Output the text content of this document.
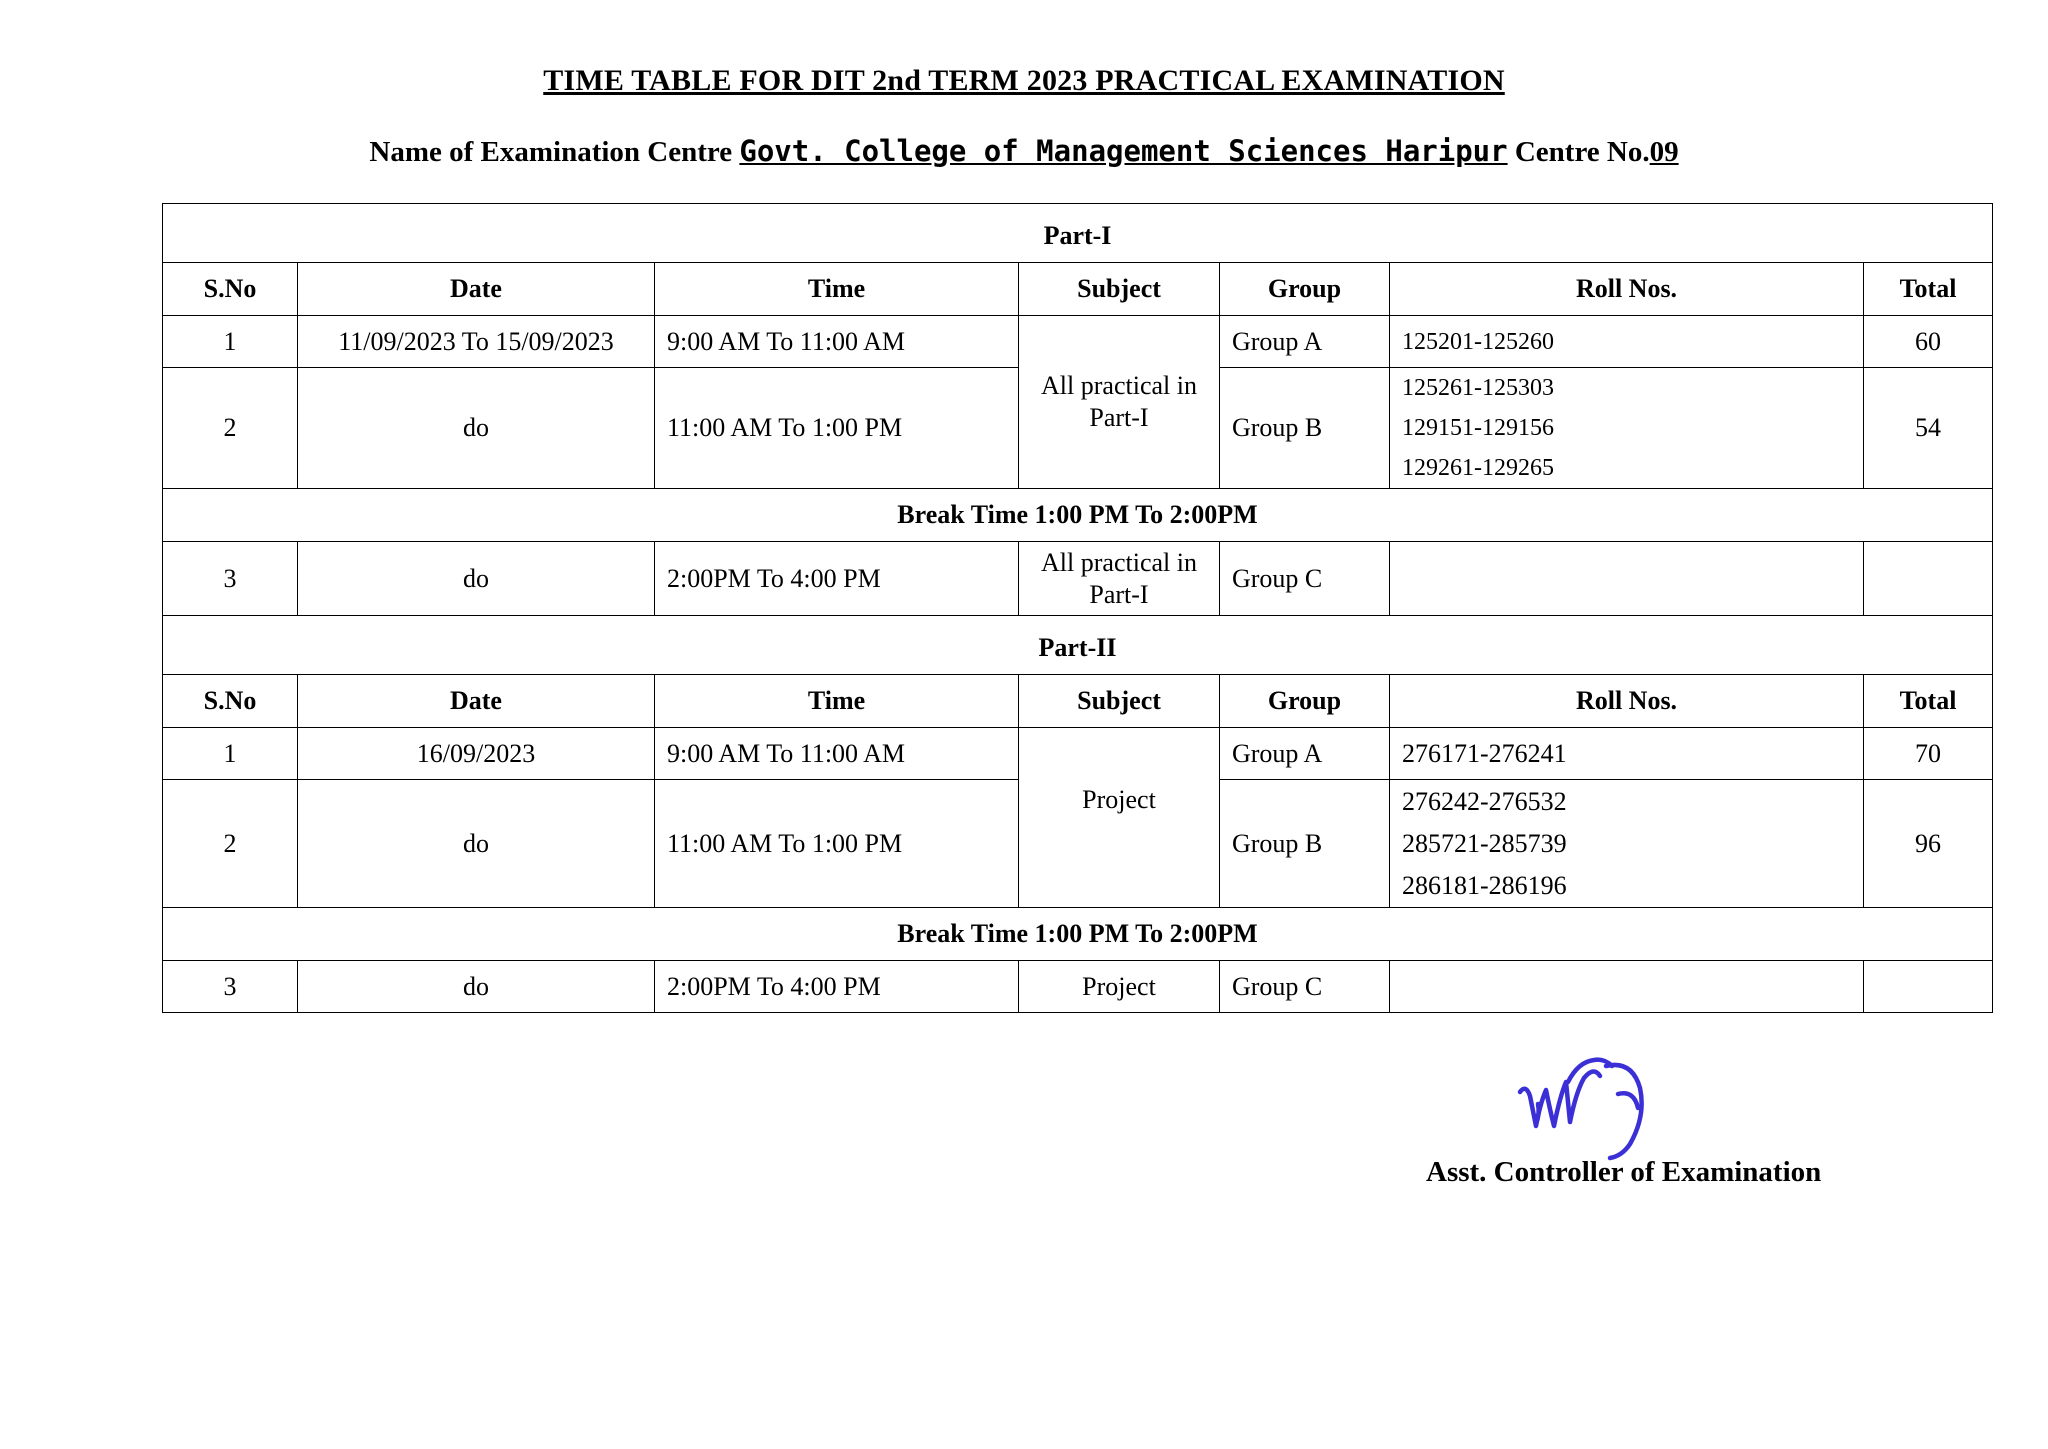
TIME TABLE FOR DIT 2nd TERM 2023 PRACTICAL EXAMINATION
Name of Examination Centre Govt. College of Management Sciences Haripur Centre No.09
Part-I						
S.No	Date	Time	Subject	Group	Roll Nos.	Total
1	11/09/2023 To 15/09/2023	9:00 AM To 11:00 AM	All practical in Part-I	Group A	125201-125260	60
2	do	11:00 AM To 1:00 PM		Group B	125261-125303
129151-129156
129261-129265	54
Break Time 1:00 PM To 2:00PM						
3	do	2:00PM To 4:00 PM	All practical in Part-I	Group C		
Part-II						
S.No	Date	Time	Subject	Group	Roll Nos.	Total
1	16/09/2023	9:00 AM To 11:00 AM	Project	Group A	276171-276241	70
2	do	11:00 AM To 1:00 PM		Group B	276242-276532
285721-285739
286181-286196	96
Break Time 1:00 PM To 2:00PM						
3	do	2:00PM To 4:00 PM	Project	Group C		
Asst. Controller of Examination
